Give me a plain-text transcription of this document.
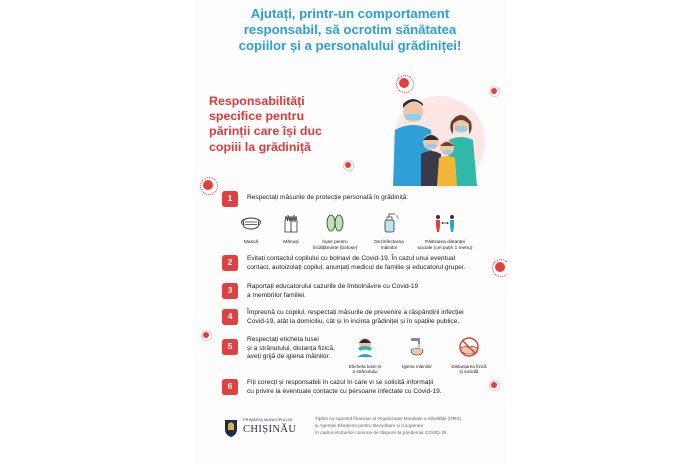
Ajutați, printr-un comportament
responsabil, să ocrotim sănătatea
copiilor și a personalului grădiniței!
Responsabilități
specifice pentru
părinții care își duc
copiii la grădiniță
1	Respectați măsurile de protecție personală în grădiniță:
Mască	Mănuși	huse pentru
încălțăminte (botoșe)
Dezinfectarea
mâinilor
Păstrarea distanței
sociale (cel puțin 1 metru)
2	Evitați contactul copilului cu bolnavi de Covid-19. În cazul unui eventual
contact, autoizolați copilul, anunțați medicul de familie și educatorul grupei.
3	Raportați educatorului cazurile de îmbolnăvire cu Covid-19
a membrilor familiei.
4	Împreună cu copilul, respectați măsurile de prevenire a răspândirii infecției
Covid-19, atât la domiciliu, cât și în incinta grădiniței și în spațiile publice.
5
Respectați eticheta tusei
și a strănutului, distanța fizică,
aveți grijă de igiena mâinilor.
Eticheta tusei și
a strănutului
Igiena mâinilor	Distanțarea fizică
și socială
6	Fiți corecți și responsabili în cazul în care vi se solicită informații
cu privire la eventuale contacte cu persoane infectate cu Covid-19.
PRIMĂRIA MUNICIPIULUI
CHIȘINĂU
Tipărit cu suportul financiar al Organizației Mondiale a Sănătății (OMS)
și Agenției Elvețiene pentru Dezvoltare și Cooperare
în cadrul eforturilor comune de răspuns la pandemia COVID-19.
